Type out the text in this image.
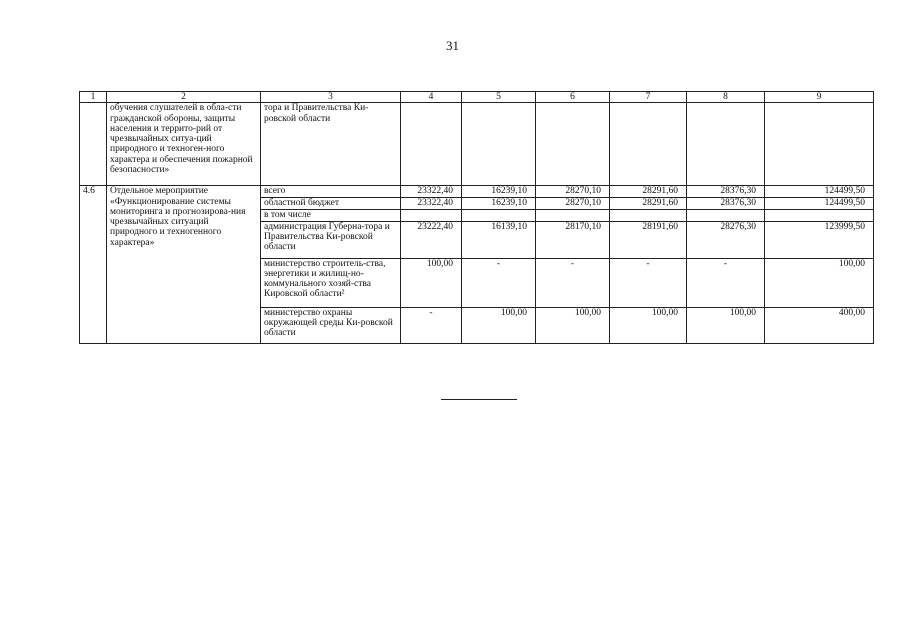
31
1	2	3	4	5	6	7	8	9
	обучения слушателей в обла-сти гражданской обороны, защиты населения и террито-рий от чрезвычайных ситуа-ций природного и техноген-ного характера и обеспечения пожарной безопасности»	тора и Правительства Ки-ровской области						
4.6	Отдельное мероприятие «Функционирование системы мониторинга и прогнозирова-ния чрезвычайных ситуаций природного и техногенного характера»	всего	23322,40	16239,10	28270,10	28291,60	28376,30	124499,50
		областной бюджет	23322,40	16239,10	28270,10	28291,60	28376,30	124499,50
		в том числе						
		администрация Губерна-тора и Правительства Ки-ровской области	23222,40	16139,10	28170,10	28191,60	28276,30	123999,50
		министерство строитель-ства, энергетики и жилищ-но-коммунального хозяй-ства Кировской области²	100,00	-	-	-	-	100,00
		министерство охраны окружающей среды Ки-ровской области	-	100,00	100,00	100,00	100,00	400,00
